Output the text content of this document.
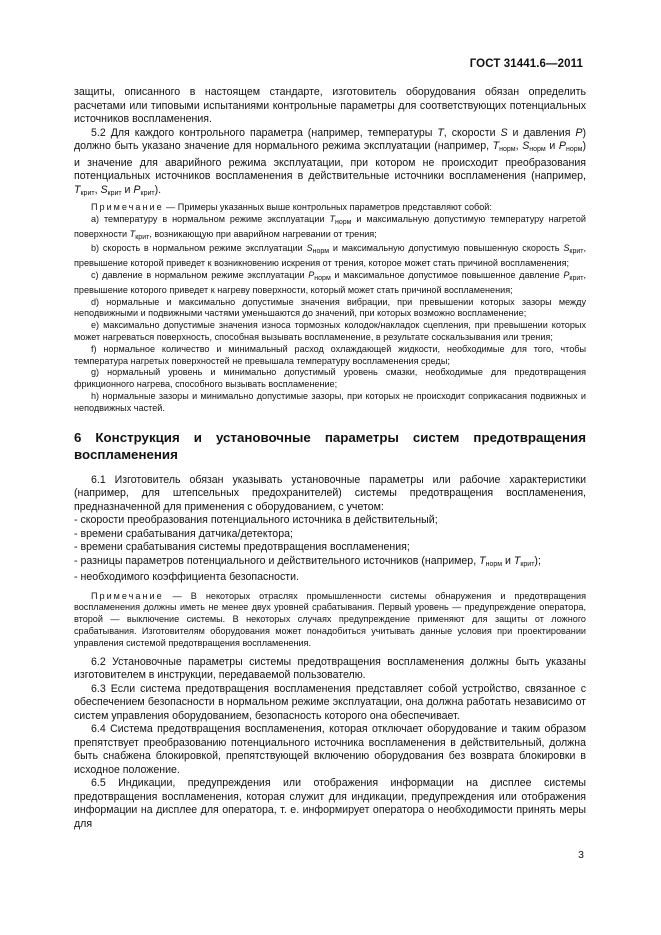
ГОСТ 31441.6—2011

защиты, описанного в настоящем стандарте, изготовитель оборудования обязан определить расчетами или типовыми испытаниями контрольные параметры для соответствующих потенциальных источников воспламенения.

5.2 Для каждого контрольного параметра (например, температуры T, скорости S и давления P) должно быть указано значение для нормального режима эксплуатации (например, $T_{норм}$, $S_{норм}$ и $P_{норм}$) и значение для аварийного режима эксплуатации, при котором не происходит преобразования потенциальных источников воспламенения в действительные источники воспламенения (например, $T_{крит}$, $S_{крит}$ и $P_{крит}$).

Примечание — Примеры указанных выше контрольных параметров представляют собой:

a) температуру в нормальном режиме эксплуатации $T_{норм}$ и максимальную допустимую температуру нагретой поверхности $T_{крит}$, возникающую при аварийном нагревании от трения;

b) скорость в нормальном режиме эксплуатации $S_{норм}$ и максимальную допустимую повышенную скорость $S_{крит}$, превышение которой приведет к возникновению искрения от трения, которое может стать причиной воспламенения;

c) давление в нормальном режиме эксплуатации $P_{норм}$ и максимальное допустимое повышенное давление $P_{крит}$, превышение которого приведет к нагреву поверхности, который может стать причиной воспламенения;

d) нормальные и максимально допустимые значения вибрации, при превышении которых зазоры между неподвижными и подвижными частями уменьшаются до значений, при которых возможно воспламенение;

e) максимально допустимые значения износа тормозных колодок/накладок сцепления, при превышении которых может нагреваться поверхность, способная вызывать воспламенение, в результате соскальзывания или трения;

f) нормальное количество и минимальный расход охлаждающей жидкости, необходимые для того, чтобы температура нагретых поверхностей не превышала температуру воспламенения среды;

g) нормальный уровень и минимально допустимый уровень смазки, необходимые для предотвращения фрикционного нагрева, способного вызывать воспламенение;

h) нормальные зазоры и минимально допустимые зазоры, при которых не происходит соприкасания подвижных и неподвижных частей.

6 Конструкция и установочные параметры систем предотвращения воспламенения

6.1 Изготовитель обязан указывать установочные параметры или рабочие характеристики (например, для штепсельных предохранителей) системы предотвращения воспламенения, предназначенной для применения с оборудованием, с учетом:

- скорости преобразования потенциального источника в действительный;

- времени срабатывания датчика/детектора;

- времени срабатывания системы предотвращения воспламенения;

- разницы параметров потенциального и действительного источников (например, $T_{норм}$ и $T_{крит}$);

- необходимого коэффициента безопасности.

Примечание — В некоторых отраслях промышленности системы обнаружения и предотвращения воспламенения должны иметь не менее двух уровней срабатывания. Первый уровень — предупреждение оператора, второй — выключение системы. В некоторых случаях предупреждение применяют для защиты от ложного срабатывания. Изготовителям оборудования может понадобиться учитывать данные условия при проектировании управления системой предотвращения воспламенения.

6.2 Установочные параметры системы предотвращения воспламенения должны быть указаны изготовителем в инструкции, передаваемой пользователю.

6.3 Если система предотвращения воспламенения представляет собой устройство, связанное с обеспечением безопасности в нормальном режиме эксплуатации, она должна работать независимо от систем управления оборудованием, безопасность которого она обеспечивает.

6.4 Система предотвращения воспламенения, которая отключает оборудование и таким образом препятствует преобразованию потенциального источника воспламенения в действительный, должна быть снабжена блокировкой, препятствующей включению оборудования без возврата блокировки в исходное положение.

6.5 Индикации, предупреждения или отображения информации на дисплее системы предотвращения воспламенения, которая служит для индикации, предупреждения или отображения информации на дисплее для оператора, т. е. информирует оператора о необходимости принять меры для

3
